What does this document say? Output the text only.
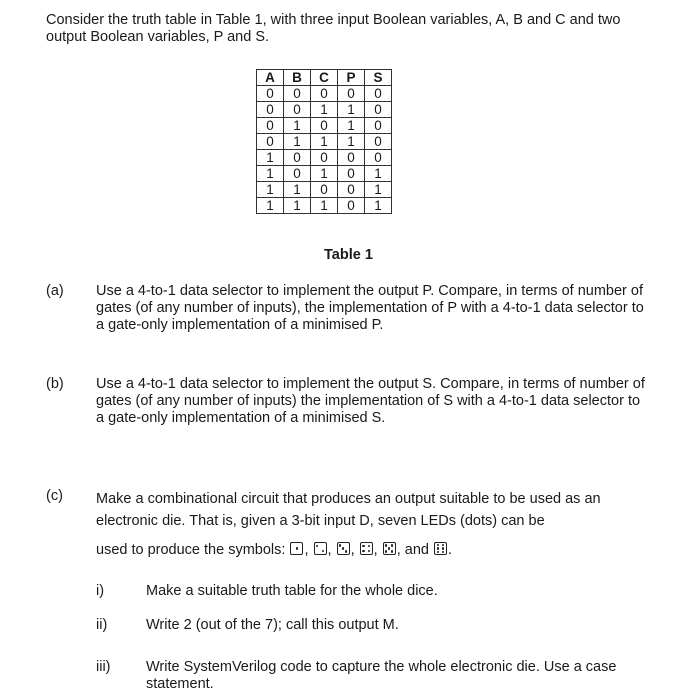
Consider the truth table in Table 1, with three input Boolean variables, A, B and C and two output Boolean variables, P and S.
A	B	C	P	S
0	0	0	0	0
0	0	1	1	0
0	1	0	1	0
0	1	1	1	0
1	0	0	0	0
1	0	1	0	1
1	1	0	0	1
1	1	1	0	1
Table 1
(a) Use a 4-to-1 data selector to implement the output P. Compare, in terms of number of gates (of any number of inputs), the implementation of P with a 4-to-1 data selector to a gate-only implementation of a minimised P.
(b) Use a 4-to-1 data selector to implement the output S. Compare, in terms of number of gates (of any number of inputs) the implementation of S with a 4-to-1 data selector to a gate-only implementation of a minimised S.
(c) Make a combinational circuit that produces an output suitable to be used as an electronic die. That is, given a 3-bit input D, seven LEDs (dots) can be
used to produce the symbols: ,
,
,
,
, and .
i)	Make a suitable truth table for the whole dice.
ii)	Write 2 (out of the 7); call this output M.
iii) Write SystemVerilog code to capture the whole electronic die. Use a case statement.
